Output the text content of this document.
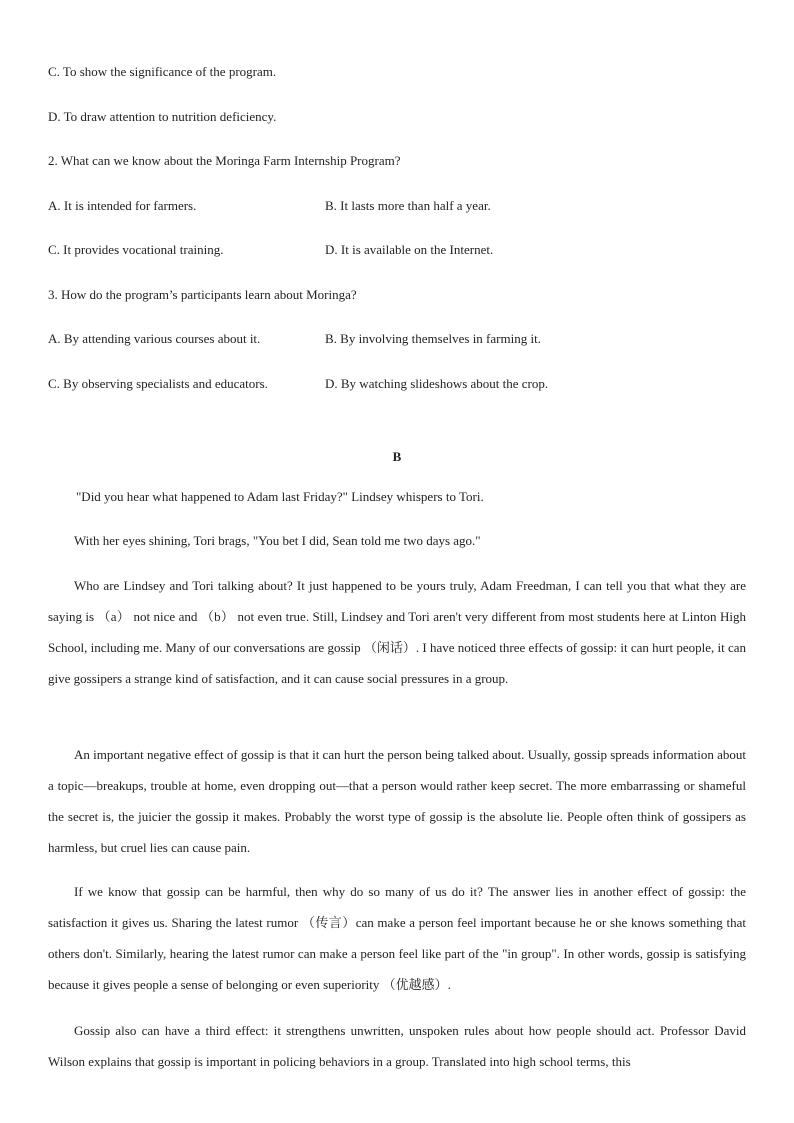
C. To show the significance of the program.
D. To draw attention to nutrition deficiency.
2. What can we know about the Moringa Farm Internship Program?
A. It is intended for farmers.	B. It lasts more than half a year.
C. It provides vocational training.	D. It is available on the Internet.
3. How do the program’s participants learn about Moringa?
A. By attending various courses about it.	B. By involving themselves in farming it.
C. By observing specialists and educators.	D. By watching slideshows about the crop.
B
"Did you hear what happened to Adam last Friday?" Lindsey whispers to Tori.
With her eyes shining, Tori brags, "You bet I did, Sean told me two days ago."
Who are Lindsey and Tori talking about? It just happened to be yours truly, Adam Freedman, I can tell you that what they are saying is （a） not nice and （b） not even true. Still, Lindsey and Tori aren't very different from most students here at Linton High School, including me. Many of our conversations are gossip （闲话）. I have noticed three effects of gossip: it can hurt people, it can give gossipers a strange kind of satisfaction, and it can cause social pressures in a group.
An important negative effect of gossip is that it can hurt the person being talked about. Usually, gossip spreads information about a topic—breakups, trouble at home, even dropping out—that a person would rather keep secret. The more embarrassing or shameful the secret is, the juicier the gossip it makes. Probably the worst type of gossip is the absolute lie. People often think of gossipers as harmless, but cruel lies can cause pain.
If we know that gossip can be harmful, then why do so many of us do it? The answer lies in another effect of gossip: the satisfaction it gives us. Sharing the latest rumor （传言）can make a person feel important because he or she knows something that others don't. Similarly, hearing the latest rumor can make a person feel like part of the "in group". In other words, gossip is satisfying because it gives people a sense of belonging or even superiority （优越感）.
Gossip also can have a third effect: it strengthens unwritten, unspoken rules about how people should act. Professor David Wilson explains that gossip is important in policing behaviors in a group. Translated into high school terms, this
